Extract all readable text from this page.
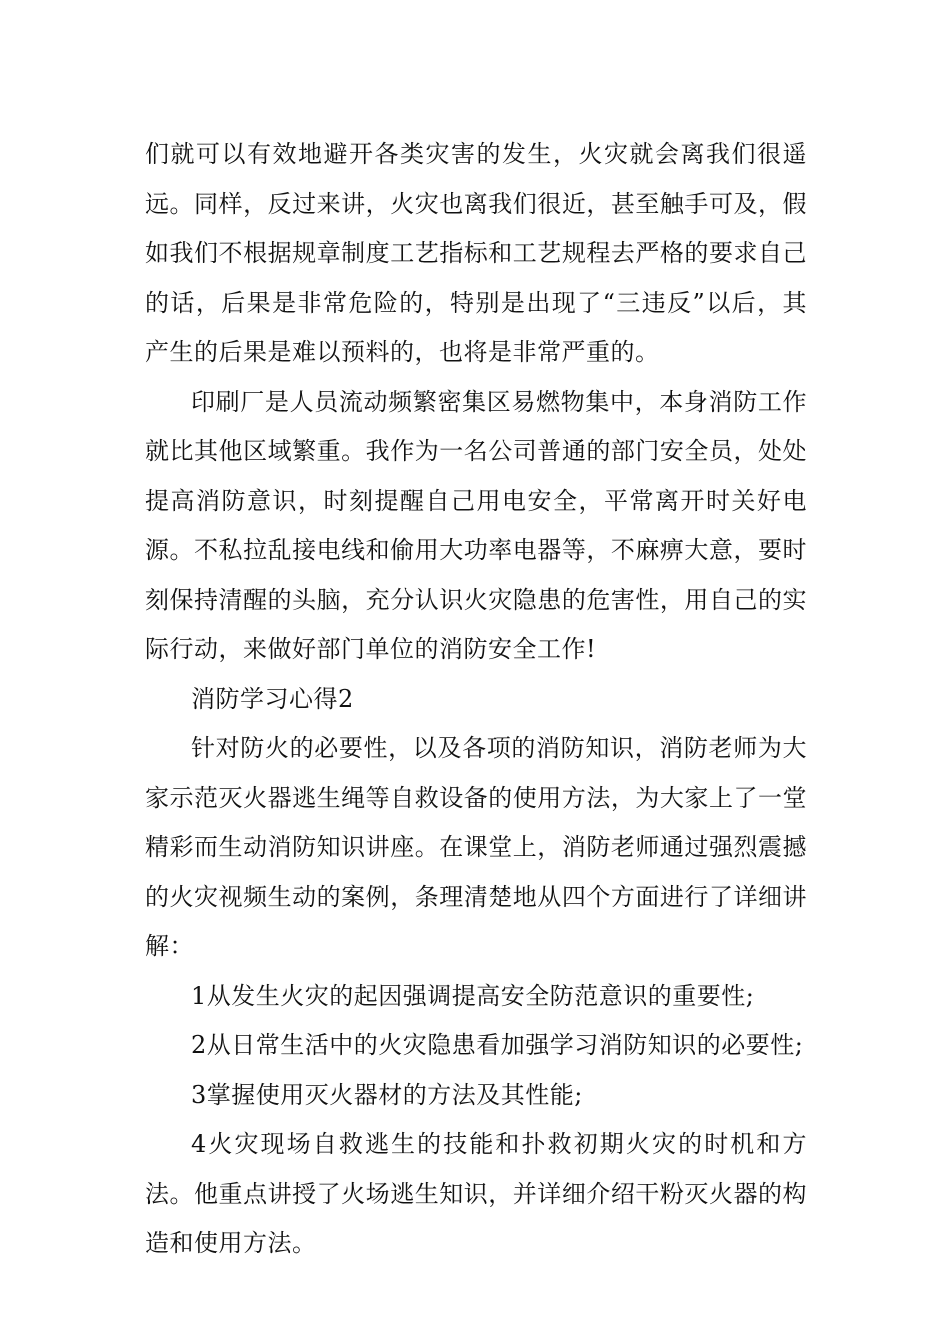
们就可以有效地避开各类灾害的发生，火灾就会离我们很遥远。同样，反过来讲，火灾也离我们很近，甚至触手可及，假如我们不根据规章制度工艺指标和工艺规程去严格的要求自己的话，后果是非常危险的，特别是出现了“三违反”以后，其产生的后果是难以预料的，也将是非常严重的。

印刷厂是人员流动频繁密集区易燃物集中，本身消防工作就比其他区域繁重。我作为一名公司普通的部门安全员，处处提高消防意识，时刻提醒自己用电安全，平常离开时关好电源。不私拉乱接电线和偷用大功率电器等，不麻痹大意，要时刻保持清醒的头脑，充分认识火灾隐患的危害性，用自己的实际行动，来做好部门单位的消防安全工作!

消防学习心得2

针对防火的必要性，以及各项的消防知识，消防老师为大家示范灭火器逃生绳等自救设备的使用方法，为大家上了一堂精彩而生动消防知识讲座。在课堂上，消防老师通过强烈震撼的火灾视频生动的案例，条理清楚地从四个方面进行了详细讲解：

1从发生火灾的起因强调提高安全防范意识的重要性;

2从日常生活中的火灾隐患看加强学习消防知识的必要性;

3掌握使用灭火器材的方法及其性能;

4火灾现场自救逃生的技能和扑救初期火灾的时机和方法。他重点讲授了火场逃生知识，并详细介绍干粉灭火器的构造和使用方法。
